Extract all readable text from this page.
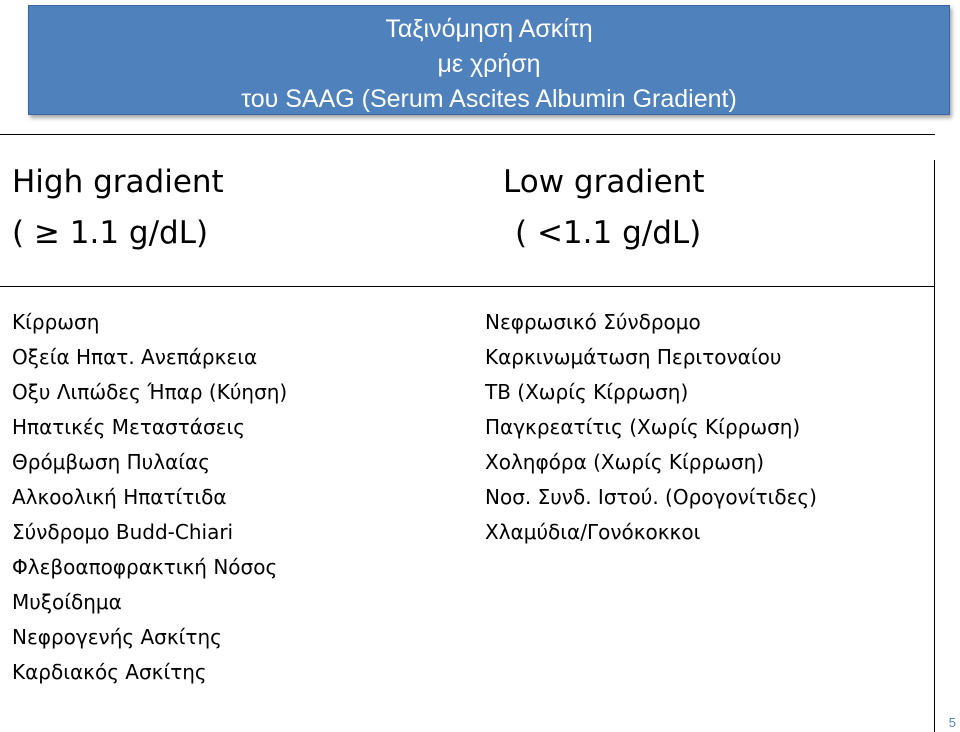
Ταξινόμηση Ασκίτη
με χρήση
του SAAG (Serum Ascites Albumin Gradient)
High gradient
( ≥ 1.1 g/dL)
Low gradient
( <1.1 g/dL)
Κίρρωση
Οξεία Ηπατ. Ανεπάρκεια
Οξυ Λιπώδες Ήπαρ (Κύηση)
Ηπατικές Μεταστάσεις
Θρόμβωση Πυλαίας
Αλκοολική Ηπατίτιδα
Σύνδρομο Budd-Chiari
Φλεβοαποφρακτική Νόσος
Μυξοίδημα
Νεφρογενής Ασκίτης
Καρδιακός Ασκίτης
Νεφρωσικό Σύνδρομο
Καρκινωμάτωση Περιτοναίου
TB (Χωρίς Κίρρωση)
Παγκρεατίτις (Χωρίς Κίρρωση)
Χοληφόρα (Χωρίς Κίρρωση)
Νοσ. Συνδ. Ιστού. (Ορογονίτιδες)
Χλαμύδια/Γονόκοκκοι
5
